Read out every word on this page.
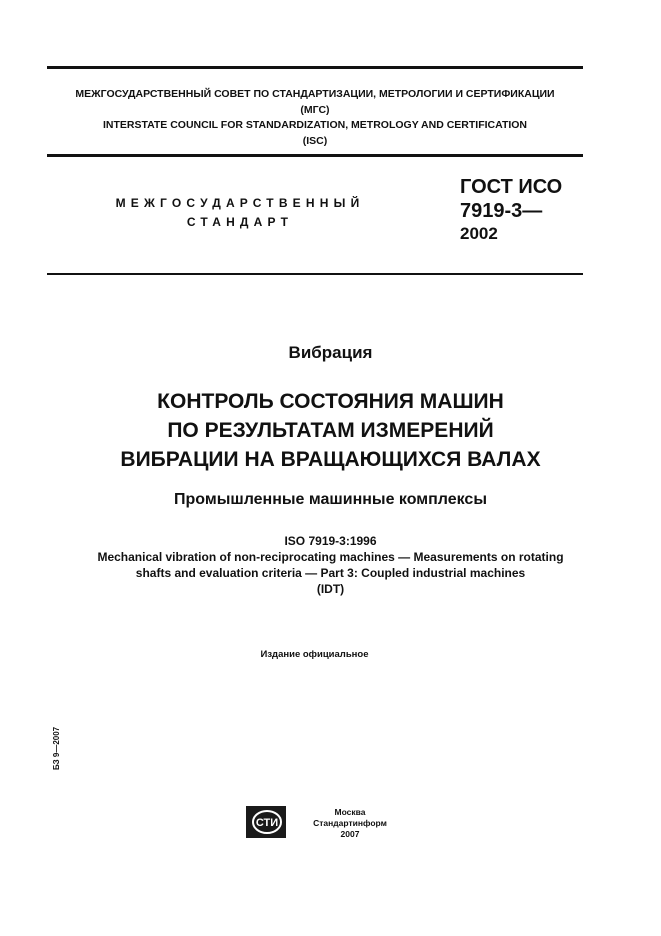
МЕЖГОСУДАРСТВЕННЫЙ СОВЕТ ПО СТАНДАРТИЗАЦИИ, МЕТРОЛОГИИ И СЕРТИФИКАЦИИ
(МГС)
INTERSTATE COUNCIL FOR STANDARDIZATION, METROLOGY AND CERTIFICATION
(ISC)
МЕЖГОСУДАРСТВЕННЫЙ
СТАНДАРТ
ГОСТ ИСО
7919-3—
2002
Вибрация
КОНТРОЛЬ СОСТОЯНИЯ МАШИН
ПО РЕЗУЛЬТАТАМ ИЗМЕРЕНИЙ
ВИБРАЦИИ НА ВРАЩАЮЩИХСЯ ВАЛАХ
Промышленные машинные комплексы
ISO 7919-3:1996
Mechanical vibration of non-reciprocating machines — Measurements on rotating
shafts and evaluation criteria — Part 3: Coupled industrial machines
(IDT)
Издание официальное
БЗ 9—2007
СТИ
Москва
Стандартинформ
2007
